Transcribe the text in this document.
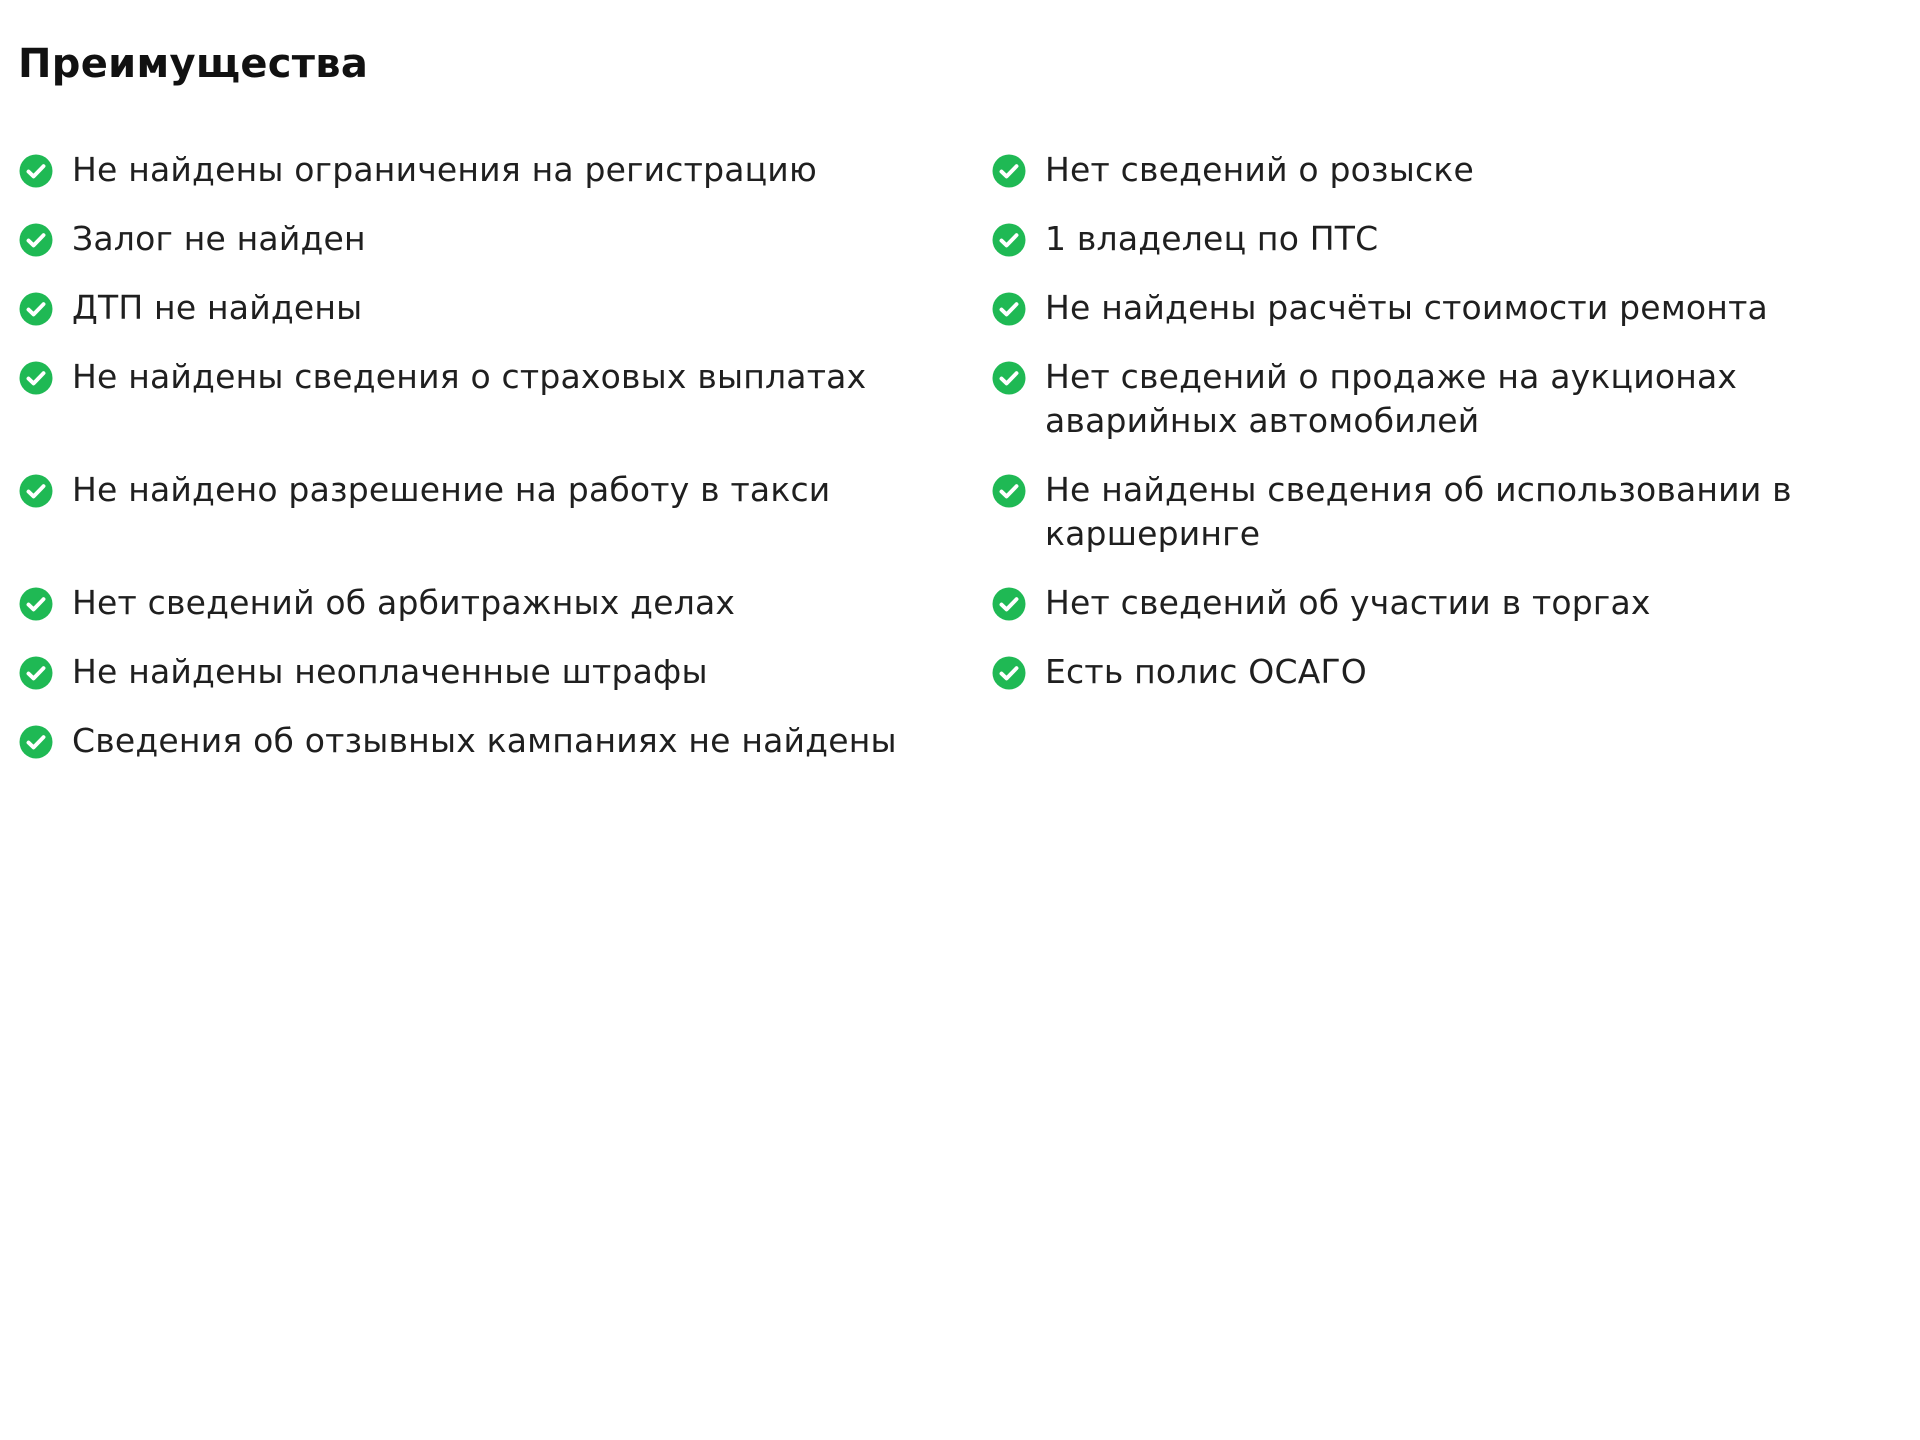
Преимущества
Не найдены ограничения на регистрацию	Нет сведений о розыске
Залог не найден	1 владелец по ПТС
ДТП не найдены	Не найдены расчёты стоимости ремонта
Не найдены сведения о страховых выплатах	Нет сведений о продаже на аукционах аварийных автомобилей
Не найдено разрешение на работу в такси	Не найдены сведения об использовании в каршеринге
Нет сведений об арбитражных делах	Нет сведений об участии в торгах
Не найдены неоплаченные штрафы	Есть полис ОСАГО
Сведения об отзывных кампаниях не найдены
